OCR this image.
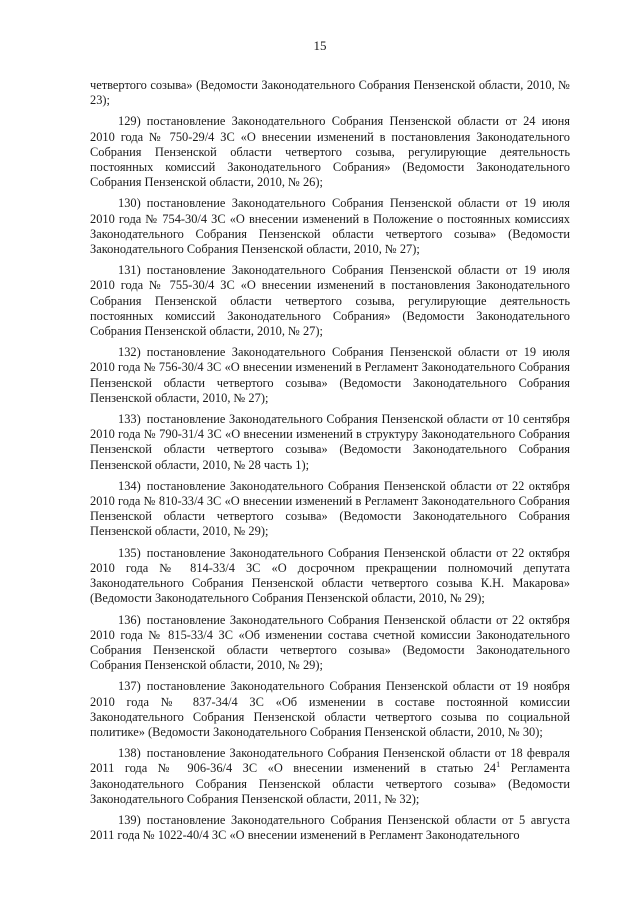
15

четвертого созыва» (Ведомости Законодательного Собрания Пензенской области, 2010, № 23);

129) постановление Законодательного Собрания Пензенской области от 24 июня 2010 года № 750-29/4 ЗС «О внесении изменений в постановления Законодательного Собрания Пензенской области четвертого созыва, регулирующие деятельность постоянных комиссий Законодательного Собрания» (Ведомости Законодательного Собрания Пензенской области, 2010, № 26);

130) постановление Законодательного Собрания Пензенской области от 19 июля 2010 года № 754-30/4 ЗС «О внесении изменений в Положение о постоянных комиссиях Законодательного Собрания Пензенской области четвертого созыва» (Ведомости Законодательного Собрания Пензенской области, 2010, № 27);

131) постановление Законодательного Собрания Пензенской области от 19 июля 2010 года № 755-30/4 ЗС «О внесении изменений в постановления Законодательного Собрания Пензенской области четвертого созыва, регулирующие деятельность постоянных комиссий Законодательного Собрания» (Ведомости Законодательного Собрания Пензенской области, 2010, № 27);

132) постановление Законодательного Собрания Пензенской области от 19 июля 2010 года № 756-30/4 ЗС «О внесении изменений в Регламент Законодательного Собрания Пензенской области четвертого созыва» (Ведомости Законодательного Собрания Пензенской области, 2010, № 27);

133) постановление Законодательного Собрания Пензенской области от 10 сентября 2010 года № 790-31/4 ЗС «О внесении изменений в структуру Законодательного Собрания Пензенской области четвертого созыва» (Ведомости Законодательного Собрания Пензенской области, 2010, № 28 часть 1);

134) постановление Законодательного Собрания Пензенской области от 22 октября 2010 года № 810-33/4 ЗС «О внесении изменений в Регламент Законодательного Собрания Пензенской области четвертого созыва» (Ведомости Законодательного Собрания Пензенской области, 2010, № 29);

135) постановление Законодательного Собрания Пензенской области от 22 октября 2010 года № 814-33/4 ЗС «О досрочном прекращении полномочий депутата Законодательного Собрания Пензенской области четвертого созыва К.Н. Макарова» (Ведомости Законодательного Собрания Пензенской области, 2010, № 29);

136) постановление Законодательного Собрания Пензенской области от 22 октября 2010 года № 815-33/4 ЗС «Об изменении состава счетной комиссии Законодательного Собрания Пензенской области четвертого созыва» (Ведомости Законодательного Собрания Пензенской области, 2010, № 29);

137) постановление Законодательного Собрания Пензенской области от 19 ноября 2010 года № 837-34/4 ЗС «Об изменении в составе постоянной комиссии Законодательного Собрания Пензенской области четвертого созыва по социальной политике» (Ведомости Законодательного Собрания Пензенской области, 2010, № 30);

138) постановление Законодательного Собрания Пензенской области от 18 февраля 2011 года № 906-36/4 ЗС «О внесении изменений в статью $24^1$ Регламента Законодательного Собрания Пензенской области четвертого созыва» (Ведомости Законодательного Собрания Пензенской области, 2011, № 32);

139) постановление Законодательного Собрания Пензенской области от 5 августа 2011 года № 1022-40/4 ЗС «О внесении изменений в Регламент Законодательного
